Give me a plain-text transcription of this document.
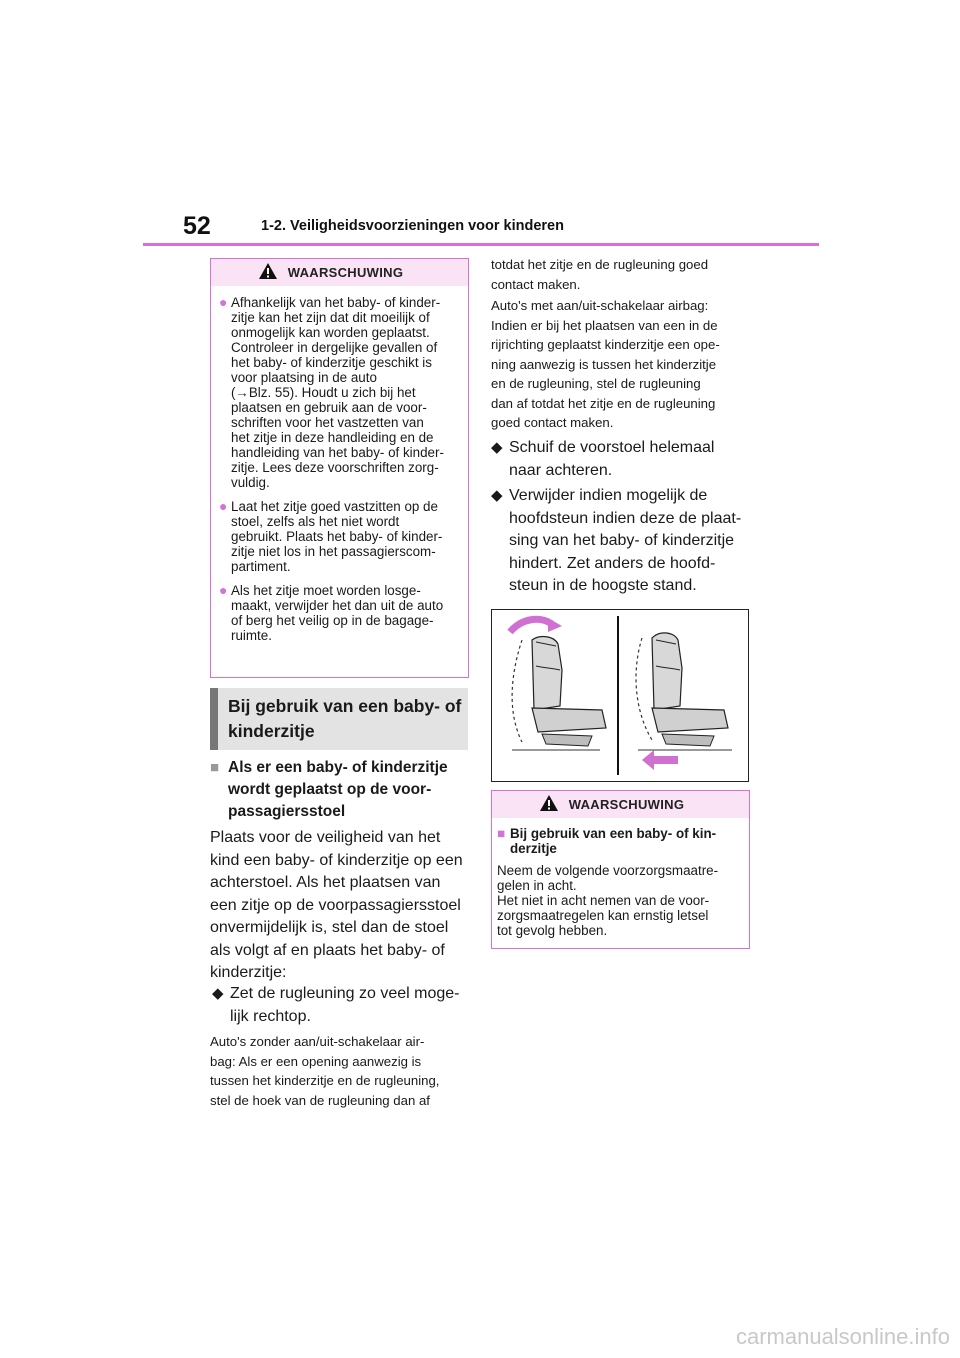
52	1-2. Veiligheidsvoorzieningen voor kinderen
WAARSCHUWING
● Afhankelijk van het baby- of kinder-
zitje kan het zijn dat dit moeilijk of
onmogelijk kan worden geplaatst.
Controleer in dergelijke gevallen of
het baby- of kinderzitje geschikt is
voor plaatsing in de auto
(→Blz. 55). Houdt u zich bij het
plaatsen en gebruik aan de voor-
schriften voor het vastzetten van
het zitje in deze handleiding en de
handleiding van het baby- of kinder-
zitje. Lees deze voorschriften zorg-
vuldig.
● Laat het zitje goed vastzitten op de
stoel, zelfs als het niet wordt
gebruikt. Plaats het baby- of kinder-
zitje niet los in het passagierscom-
partiment.
● Als het zitje moet worden losge-
maakt, verwijder het dan uit de auto
of berg het veilig op in de bagage-
ruimte.
Bij gebruik van een baby- of
kinderzitje
■ Als er een baby- of kinderzitje
wordt geplaatst op de voor-
passagiersstoel
Plaats voor de veiligheid van het
kind een baby- of kinderzitje op een
achterstoel. Als het plaatsen van
een zitje op de voorpassagiersstoel
onvermijdelijk is, stel dan de stoel
als volgt af en plaats het baby- of
kinderzitje:
◆ Zet de rugleuning zo veel moge-
lijk rechtop.
Auto's zonder aan/uit-schakelaar air-
bag: Als er een opening aanwezig is
tussen het kinderzitje en de rugleuning,
stel de hoek van de rugleuning dan af
totdat het zitje en de rugleuning goed
contact maken.
Auto's met aan/uit-schakelaar airbag:
Indien er bij het plaatsen van een in de
rijrichting geplaatst kinderzitje een ope-
ning aanwezig is tussen het kinderzitje
en de rugleuning, stel de rugleuning
dan af totdat het zitje en de rugleuning
goed contact maken.
◆ Schuif de voorstoel helemaal
naar achteren.
◆ Verwijder indien mogelijk de
hoofdsteun indien deze de plaat-
sing van het baby- of kinderzitje
hindert. Zet anders de hoofd-
steun in de hoogste stand.
WAARSCHUWING
■ Bij gebruik van een baby- of kin-
derzitje
Neem de volgende voorzorgsmaatre-
gelen in acht.
Het niet in acht nemen van de voor-
zorgsmaatregelen kan ernstig letsel
tot gevolg hebben.
carmanualsonline.info
